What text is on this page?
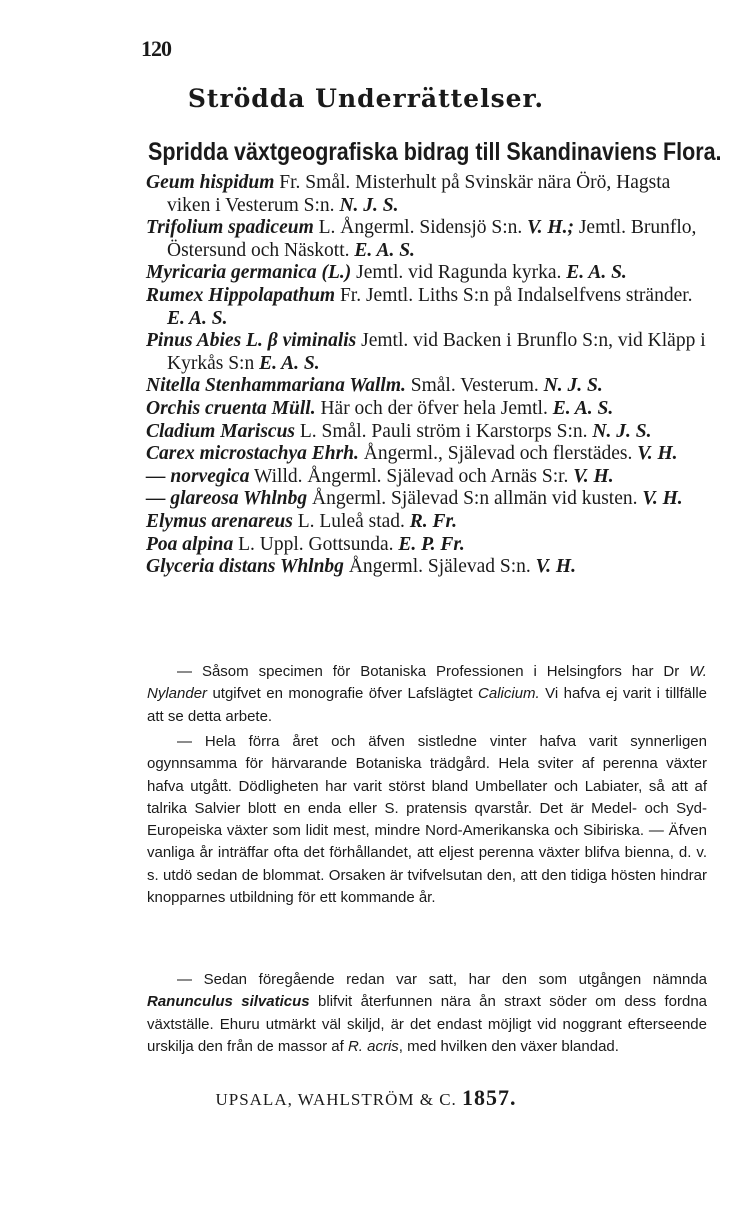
120
Strödda Underrättelser.
Spridda växtgeografiska bidrag till Skandinaviens Flora.

Geum hispidum Fr. Smål. Misterhult på Svinskär nära Örö, Hagsta viken i Vesterum S:n. N. J. S.

Trifolium spadiceum L. Ångerml. Sidensjö S:n. V. H.; Jemtl. Brunflo, Östersund och Näskott. E. A. S.

Myricaria germanica (L.) Jemtl. vid Ragunda kyrka. E. A. S.

Rumex Hippolapathum Fr. Jemtl. Liths S:n på Indalselfvens stränder. E. A. S.

Pinus Abies L. β viminalis Jemtl. vid Backen i Brunflo S:n, vid Kläpp i Kyrkås S:n E. A. S.

Nitella Stenhammariana Wallm. Smål. Vesterum. N. J. S.

Orchis cruenta Müll. Här och der öfver hela Jemtl. E. A. S.

Cladium Mariscus L. Smål. Pauli ström i Karstorps S:n. N. J. S.

Carex microstachya Ehrh. Ångerml., Själevad och flerstädes. V. H.

— norvegica Willd. Ångerml. Själevad och Arnäs S:r. V. H.

— glareosa Whlnbg Ångerml. Själevad S:n allmän vid kusten. V. H.

Elymus arenareus L. Luleå stad. R. Fr.

Poa alpina L. Uppl. Gottsunda. E. P. Fr.

Glyceria distans Whlnbg Ångerml. Själevad S:n. V. H.

— Såsom specimen för Botaniska Professionen i Helsingfors har Dr W. Nylander utgifvet en monografie öfver Lafslägtet Calicium. Vi hafva ej varit i tillfälle att se detta arbete.

— Hela förra året och äfven sistledne vinter hafva varit synnerligen ogynnsamma för härvarande Botaniska trädgård. Hela sviter af perenna växter hafva utgått. Dödligheten har varit störst bland Umbellater och Labiater, så att af talrika Salvier blott en enda eller S. pratensis qvarstår. Det är Medel- och Syd-Europeiska växter som lidit mest, mindre Nord-Amerikanska och Sibiriska. — Äfven vanliga år inträffar ofta det förhållandet, att eljest perenna växter blifva bienna, d. v. s. utdö sedan de blommat. Orsaken är tvifvelsutan den, att den tidiga hösten hindrar knopparnes utbildning för ett kommande år.

— Sedan föregående redan var satt, har den som utgången nämnda Ranunculus silvaticus blifvit återfunnen nära ån straxt söder om dess fordna växtställe. Ehuru utmärkt väl skiljd, är det endast möjligt vid noggrant efterseende urskilja den från de massor af R. acris, med hvilken den växer blandad.

UPSALA, WAHLSTRÖM & C. 1857.
